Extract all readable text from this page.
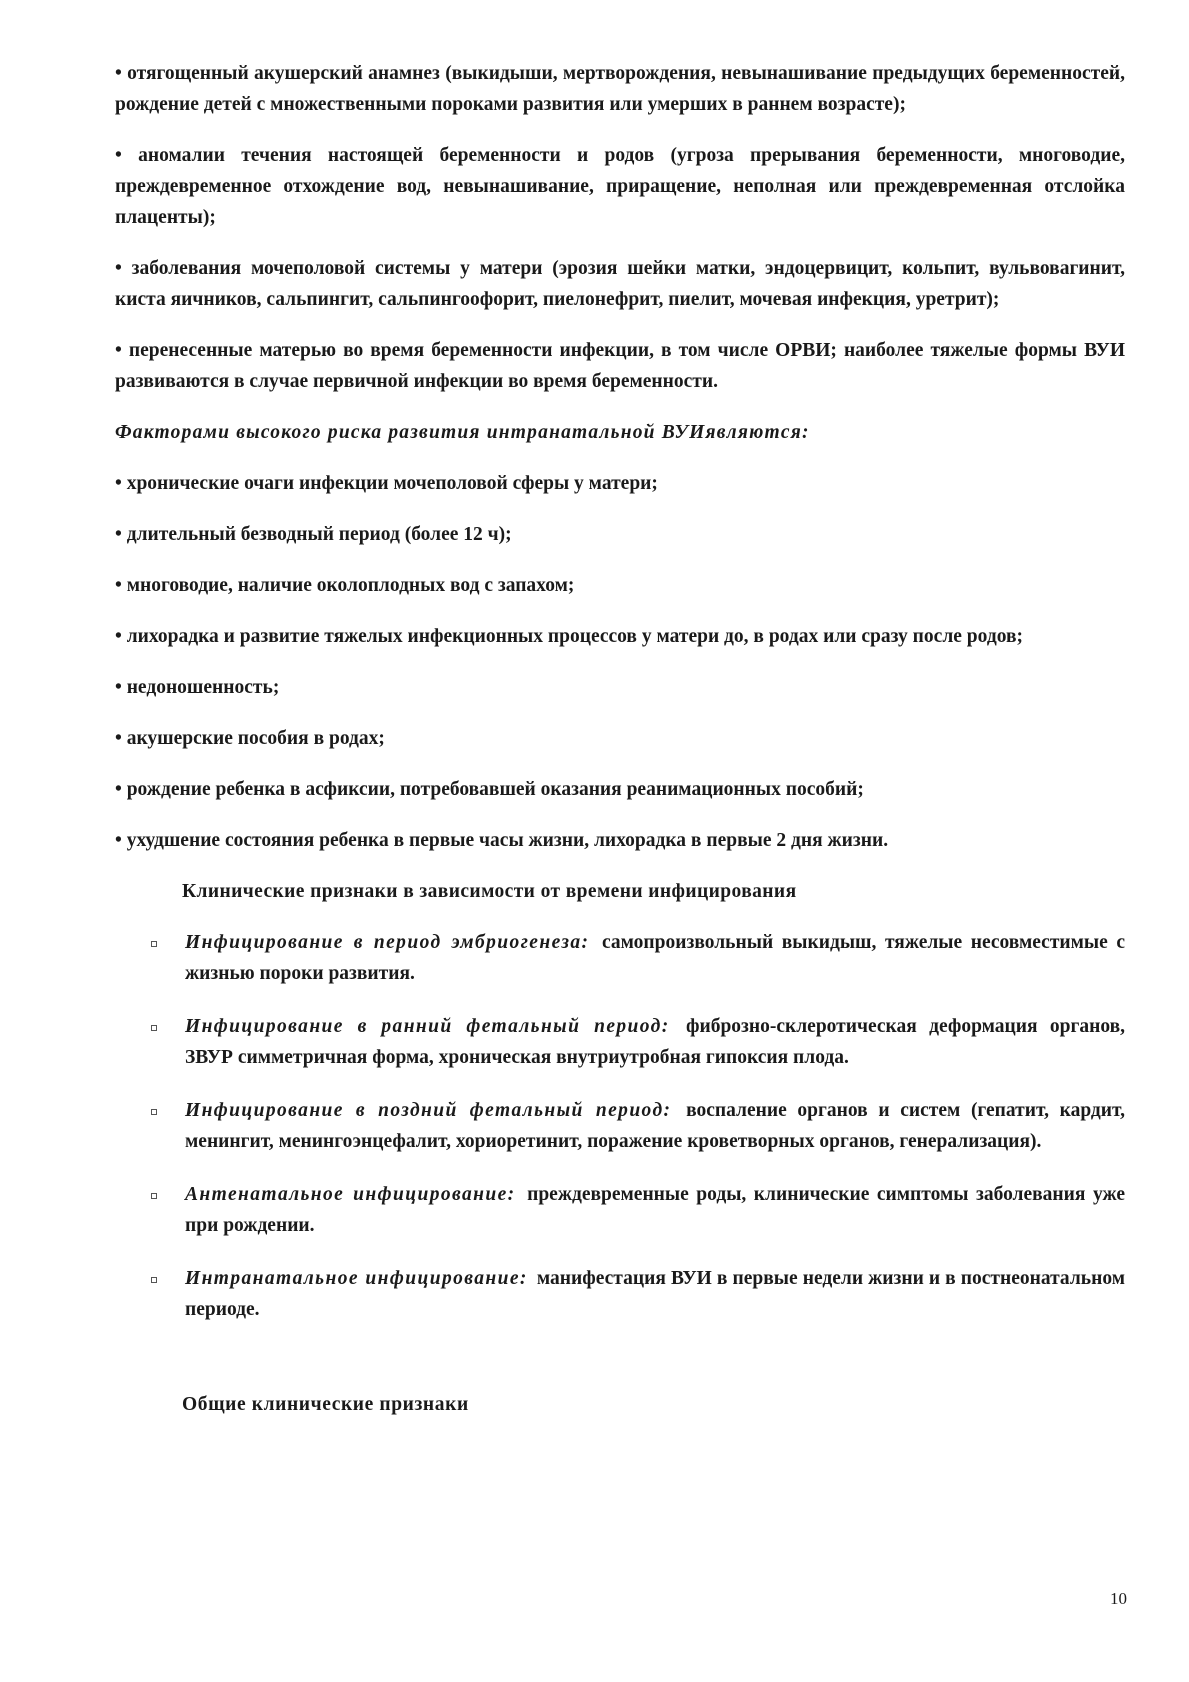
• отягощенный акушерский анамнез (выкидыши, мертворождения, невынашивание предыдущих беременностей, рождение детей с множественными пороками развития или умерших в раннем возрасте);

• аномалии течения настоящей беременности и родов (угроза прерывания беременности, многоводие, преждевременное отхождение вод, невынашивание, приращение, неполная или преждевременная отслойка плаценты);

• заболевания мочеполовой системы у матери (эрозия шейки матки, эндоцервицит, кольпит, вульвовагинит, киста яичников, сальпингит, сальпингоофорит, пиелонефрит, пиелит, мочевая инфекция, уретрит);

• перенесенные матерью во время беременности инфекции, в том числе ОРВИ; наиболее тяжелые формы ВУИ развиваются в случае первичной инфекции во время беременности.

Факторами высокого риска развития интранатальной ВУИявляются:

• хронические очаги инфекции мочеполовой сферы у матери;

• длительный безводный период (более 12 ч);

• многоводие, наличие околоплодных вод с запахом;

• лихорадка и развитие тяжелых инфекционных процессов у матери до, в родах или сразу после родов;

• недоношенность;

• акушерские пособия в родах;

• рождение ребенка в асфиксии, потребовавшей оказания реанимационных пособий;

• ухудшение состояния ребенка в первые часы жизни, лихорадка в первые 2 дня жизни.

Клинические признаки в зависимости от времени инфицирования

Инфицирование в период эмбриогенеза: самопроизвольный выкидыш, тяжелые несовместимые с жизнью пороки развития.

Инфицирование в ранний фетальный период: фиброзно-склеротическая деформация органов, ЗВУР симметричная форма, хроническая внутриутробная гипоксия плода.

Инфицирование в поздний фетальный период: воспаление органов и систем (гепатит, кардит, менингит, менингоэнцефалит, хориоретинит, поражение кроветворных органов, генерализация).

Антенатальное инфицирование: преждевременные роды, клинические симптомы заболевания уже при рождении.

Интранатальное инфицирование: манифестация ВУИ в первые недели жизни и в постнеонатальном периоде.

Общие клинические признаки

10
